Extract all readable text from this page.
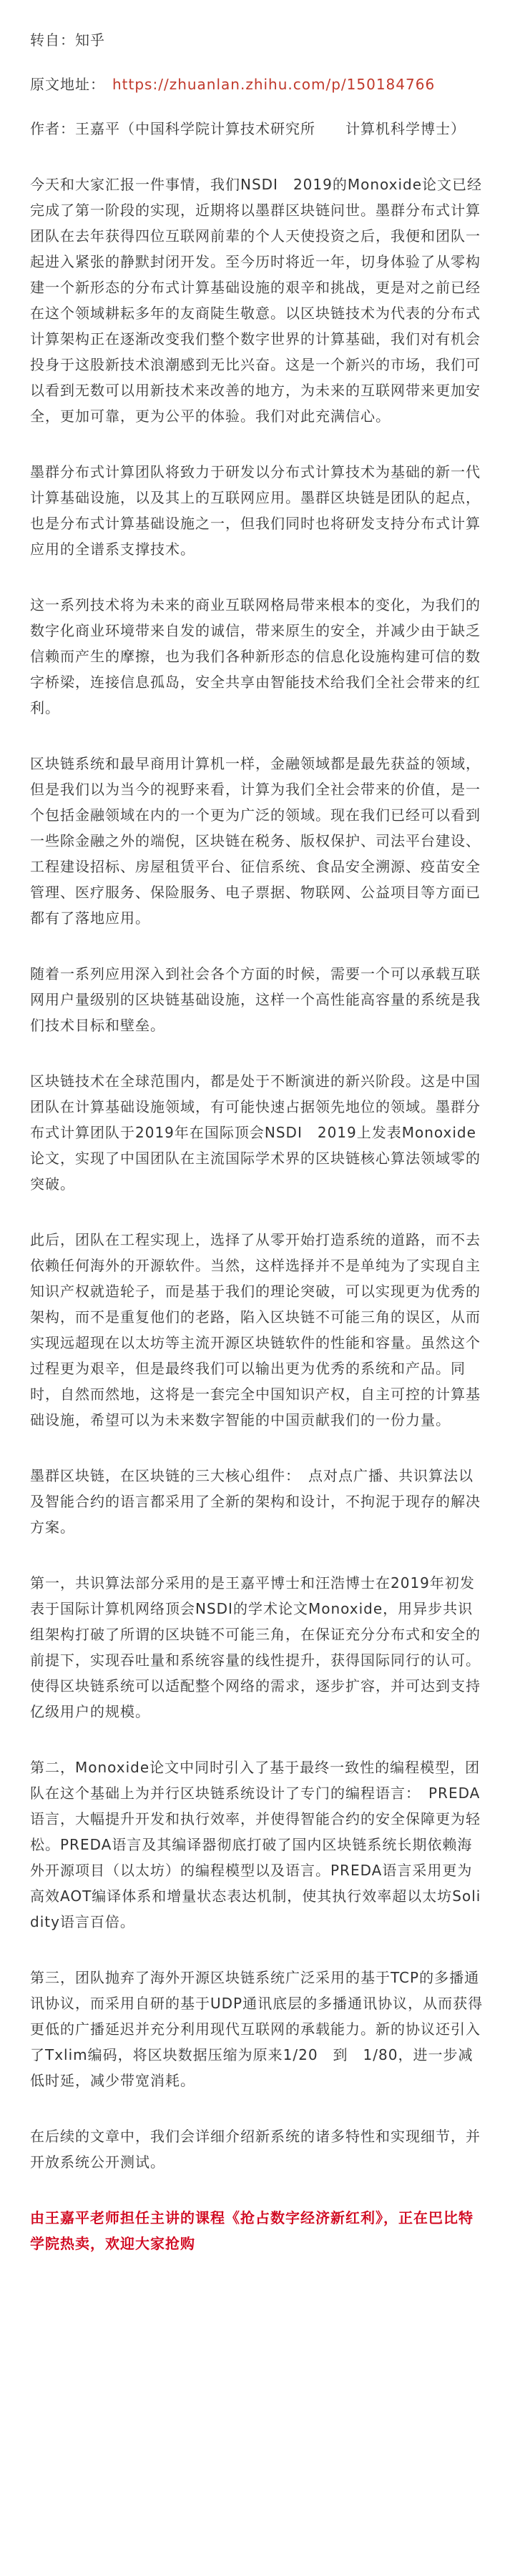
转自：知乎

原文地址： https://zhuanlan.zhihu.com/p/150184766

作者：王嘉平（中国科学院计算技术研究所　　计算机科学博士）

今天和大家汇报一件事情，我们NSDI　2019的Monoxide论文已经完成了第一阶段的实现，近期将以墨群区块链问世。墨群分布式计算团队在去年获得四位互联网前辈的个人天使投资之后，我便和团队一起进入紧张的静默封闭开发。至今历时将近一年，切身体验了从零构建一个新形态的分布式计算基础设施的艰辛和挑战，更是对之前已经在这个领域耕耘多年的友商陡生敬意。以区块链技术为代表的分布式计算架构正在逐渐改变我们整个数字世界的计算基础，我们对有机会投身于这股新技术浪潮感到无比兴奋。这是一个新兴的市场，我们可以看到无数可以用新技术来改善的地方，为未来的互联网带来更加安全，更加可靠，更为公平的体验。我们对此充满信心。

墨群分布式计算团队将致力于研发以分布式计算技术为基础的新一代计算基础设施，以及其上的互联网应用。墨群区块链是团队的起点，也是分布式计算基础设施之一，但我们同时也将研发支持分布式计算应用的全谱系支撑技术。

这一系列技术将为未来的商业互联网格局带来根本的变化，为我们的数字化商业环境带来自发的诚信，带来原生的安全，并减少由于缺乏信赖而产生的摩擦，也为我们各种新形态的信息化设施构建可信的数字桥梁，连接信息孤岛，安全共享由智能技术给我们全社会带来的红利。

区块链系统和最早商用计算机一样，金融领域都是最先获益的领域，但是我们以为当今的视野来看，计算为我们全社会带来的价值，是一个包括金融领域在内的一个更为广泛的领域。现在我们已经可以看到一些除金融之外的端倪，区块链在税务、版权保护、司法平台建设、工程建设招标、房屋租赁平台、征信系统、食品安全溯源、疫苗安全管理、医疗服务、保险服务、电子票据、物联网、公益项目等方面已都有了落地应用。

随着一系列应用深入到社会各个方面的时候，需要一个可以承载互联网用户量级别的区块链基础设施，这样一个高性能高容量的系统是我们技术目标和壁垒。

区块链技术在全球范围内，都是处于不断演进的新兴阶段。这是中国团队在计算基础设施领域，有可能快速占据领先地位的领域。墨群分布式计算团队于2019年在国际顶会NSDI　2019上发表Monoxide论文，实现了中国团队在主流国际学术界的区块链核心算法领域零的突破。

此后，团队在工程实现上，选择了从零开始打造系统的道路，而不去依赖任何海外的开源软件。当然，这样选择并不是单纯为了实现自主知识产权就造轮子，而是基于我们的理论突破，可以实现更为优秀的架构，而不是重复他们的老路，陷入区块链不可能三角的误区，从而实现远超现在以太坊等主流开源区块链软件的性能和容量。虽然这个过程更为艰辛，但是最终我们可以输出更为优秀的系统和产品。同时，自然而然地，这将是一套完全中国知识产权，自主可控的计算基础设施，希望可以为未来数字智能的中国贡献我们的一份力量。

墨群区块链，在区块链的三大核心组件：　点对点广播、共识算法以及智能合约的语言都采用了全新的架构和设计，不拘泥于现存的解决方案。

第一，共识算法部分采用的是王嘉平博士和汪浩博士在2019年初发表于国际计算机网络顶会NSDI的学术论文Monoxide，用异步共识组架构打破了所谓的区块链不可能三角，在保证充分分布式和安全的前提下，实现吞吐量和系统容量的线性提升，获得国际同行的认可。使得区块链系统可以适配整个网络的需求，逐步扩容，并可达到支持亿级用户的规模。

第二，Monoxide论文中同时引入了基于最终一致性的编程模型，团队在这个基础上为并行区块链系统设计了专门的编程语言：　PREDA语言，大幅提升开发和执行效率，并使得智能合约的安全保障更为轻松。PREDA语言及其编译器彻底打破了国内区块链系统长期依赖海外开源项目（以太坊）的编程模型以及语言。PREDA语言采用更为高效AOT编译体系和增量状态表达机制，使其执行效率超以太坊Solidity语言百倍。

第三，团队抛弃了海外开源区块链系统广泛采用的基于TCP的多播通讯协议，而采用自研的基于UDP通讯底层的多播通讯协议，从而获得更低的广播延迟并充分利用现代互联网的承载能力。新的协议还引入了Txlim编码，将区块数据压缩为原来1/20　到　1/80，进一步减低时延，减少带宽消耗。

在后续的文章中，我们会详细介绍新系统的诸多特性和实现细节，并开放系统公开测试。

由王嘉平老师担任主讲的课程《抢占数字经济新红利》，正在巴比特学院热卖，欢迎大家抢购
